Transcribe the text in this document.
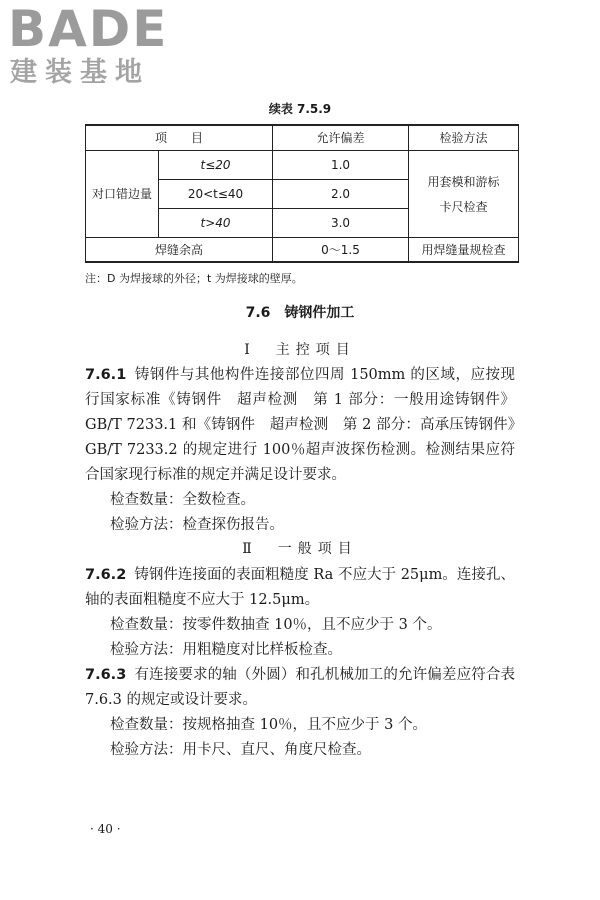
BADE
建装基地
续表 7.5.9
项　　目		允许偏差	检验方法
对口错边量	t≤20	1.0	用套模和游标
卡尺检查

	20<t≤40	2.0	
	t>40	3.0	
焊缝余高		0～1.5	用焊缝量规检查
注：D 为焊接球的外径；t 为焊接球的壁厚。
7.6　铸钢件加工
Ⅰ　主控项目
7.6.1 铸钢件与其他构件连接部位四周 150mm 的区域，应按现行国家标准《铸钢件　超声检测　第 1 部分：一般用途铸钢件》GB/T 7233.1 和《铸钢件　超声检测　第 2 部分：高承压铸钢件》GB/T 7233.2 的规定进行 100％超声波探伤检测。检测结果应符合国家现行标准的规定并满足设计要求。
检查数量：全数检查。
检验方法：检查探伤报告。
Ⅱ　一般项目
7.6.2 铸钢件连接面的表面粗糙度 Ra 不应大于 25μm。连接孔、轴的表面粗糙度不应大于 12.5μm。
检查数量：按零件数抽查 10％，且不应少于 3 个。
检验方法：用粗糙度对比样板检查。
7.6.3 有连接要求的轴（外圆）和孔机械加工的允许偏差应符合表 7.6.3 的规定或设计要求。
检查数量：按规格抽查 10％，且不应少于 3 个。
检验方法：用卡尺、直尺、角度尺检查。
· 40 ·
